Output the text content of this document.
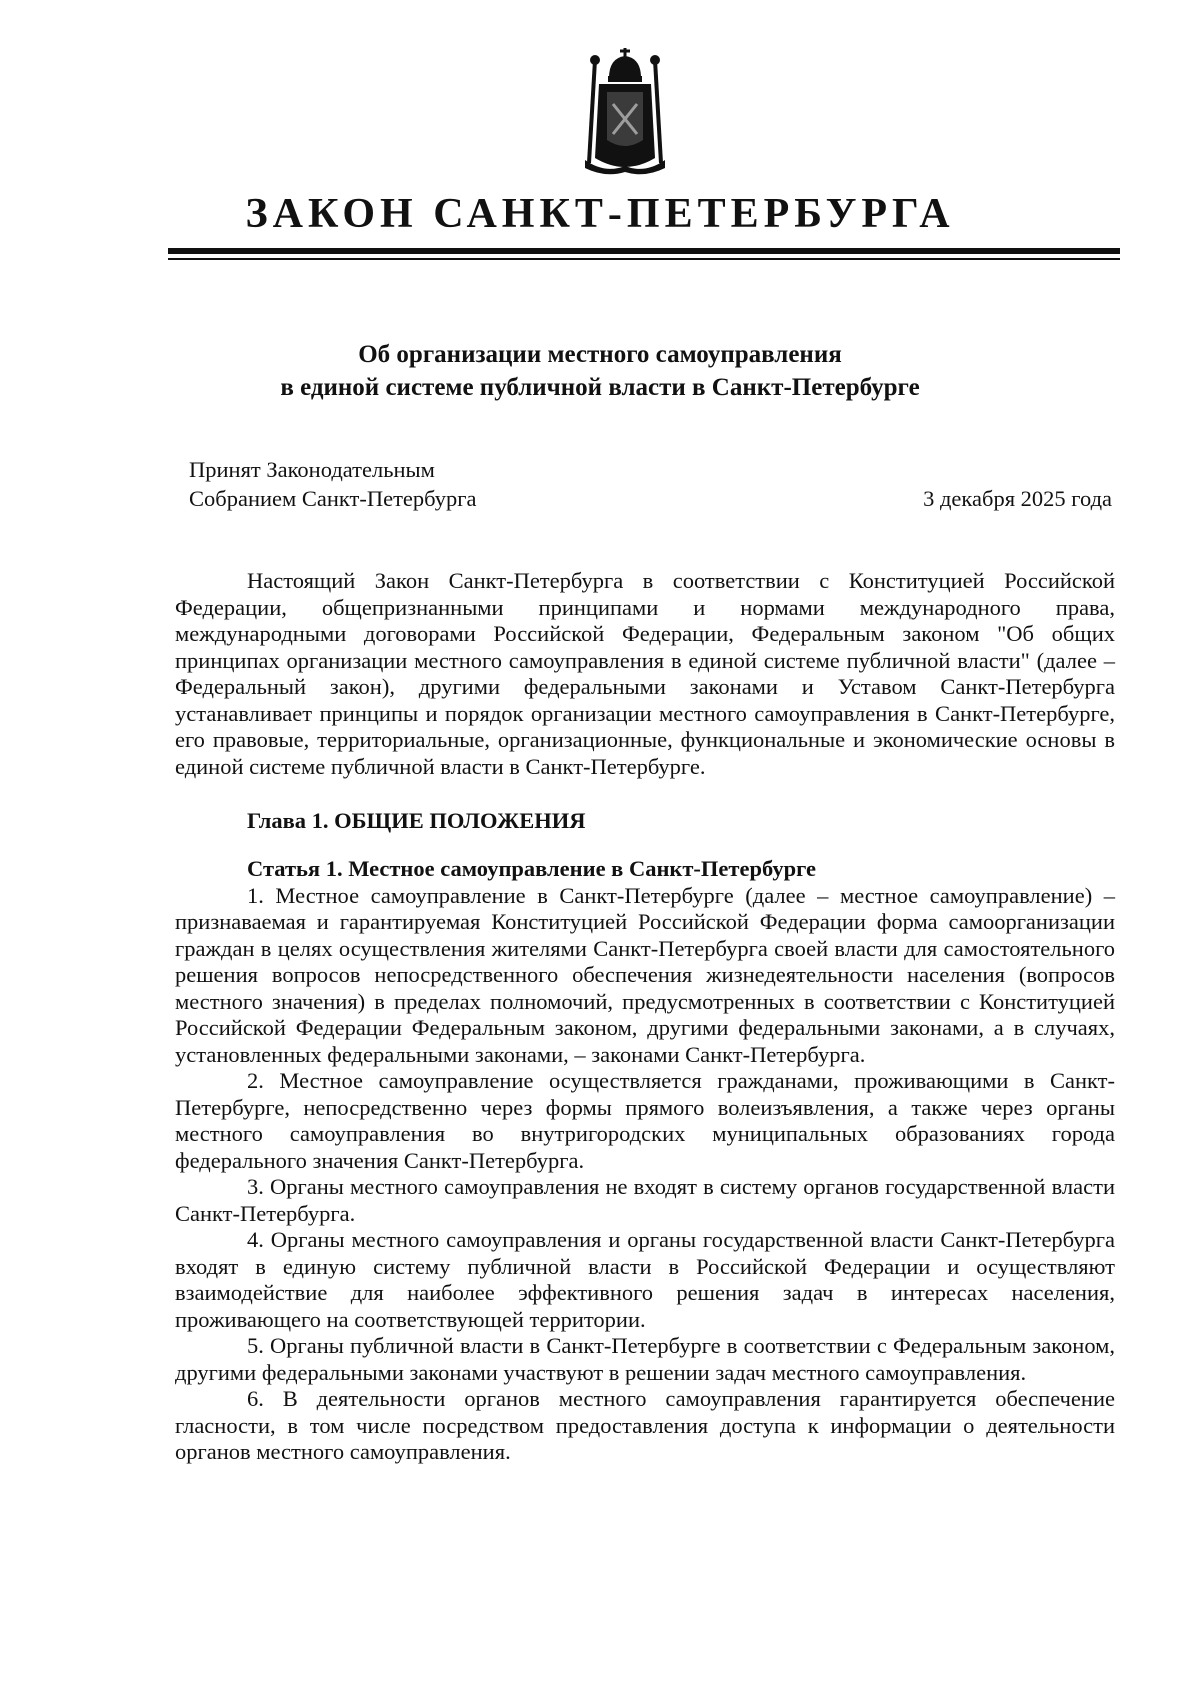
ЗАКОН САНКТ-ПЕТЕРБУРГА
Об организации местного самоуправления
в единой системе публичной власти в Санкт-Петербурге
Принят Законодательным
Собранием Санкт-Петербурга	3 декабря 2025 года

Настоящий Закон Санкт-Петербурга в соответствии с Конституцией Российской Федерации, общепризнанными принципами и нормами международного права, международными договорами Российской Федерации, Федеральным законом "Об общих принципах организации местного самоуправления в единой системе публичной власти" (далее – Федеральный закон), другими федеральными законами и Уставом Санкт-Петербурга устанавливает принципы и порядок организации местного самоуправления в Санкт-Петербурге, его правовые, территориальные, организационные, функциональные и экономические основы в единой системе публичной власти в Санкт-Петербурге.

Глава 1. ОБЩИЕ ПОЛОЖЕНИЯ

Статья 1. Местное самоуправление в Санкт-Петербурге

1. Местное самоуправление в Санкт-Петербурге (далее – местное самоуправление) – признаваемая и гарантируемая Конституцией Российской Федерации форма самоорганизации граждан в целях осуществления жителями Санкт-Петербурга своей власти для самостоятельного решения вопросов непосредственного обеспечения жизнедеятельности населения (вопросов местного значения) в пределах полномочий, предусмотренных в соответствии с Конституцией Российской Федерации Федеральным законом, другими федеральными законами, а в случаях, установленных федеральными законами, – законами Санкт-Петербурга.

2. Местное самоуправление осуществляется гражданами, проживающими в Санкт-Петербурге, непосредственно через формы прямого волеизъявления, а также через органы местного самоуправления во внутригородских муниципальных образованиях города федерального значения Санкт-Петербурга.

3. Органы местного самоуправления не входят в систему органов государственной власти Санкт-Петербурга.

4. Органы местного самоуправления и органы государственной власти Санкт-Петербурга входят в единую систему публичной власти в Российской Федерации и осуществляют взаимодействие для наиболее эффективного решения задач в интересах населения, проживающего на соответствующей территории.

5. Органы публичной власти в Санкт-Петербурге в соответствии с Федеральным законом, другими федеральными законами участвуют в решении задач местного самоуправления.

6. В деятельности органов местного самоуправления гарантируется обеспечение гласности, в том числе посредством предоставления доступа к информации о деятельности органов местного самоуправления.
